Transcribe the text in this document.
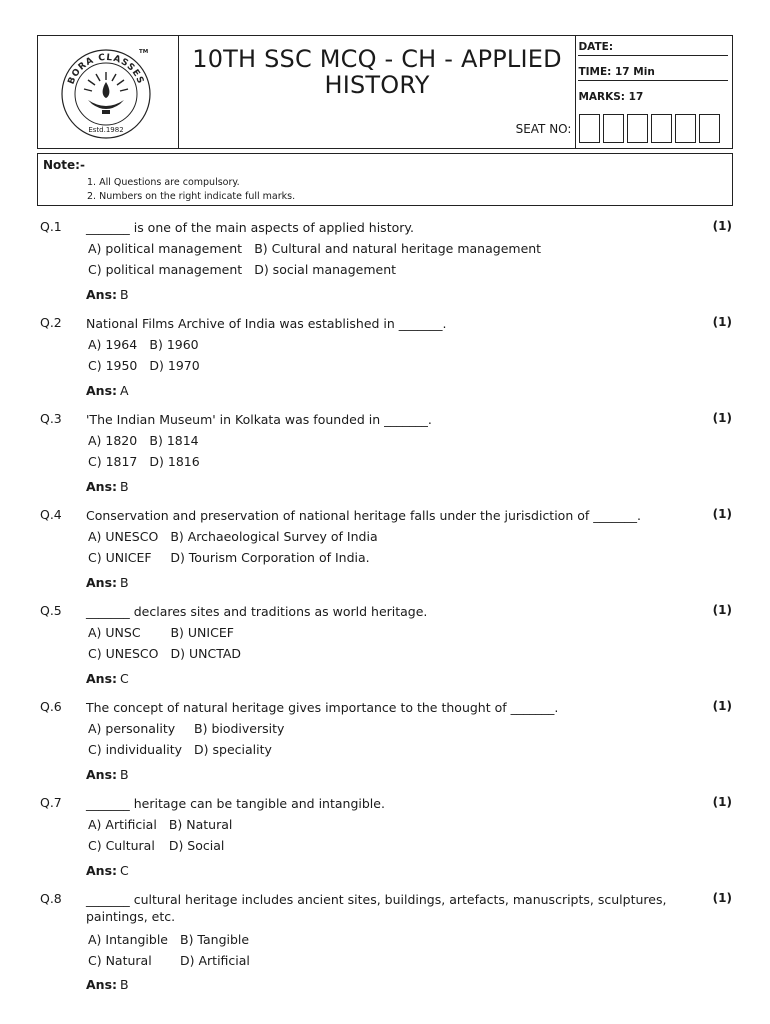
BORA CLASSES
TM
Estd.1982
10TH SSC MCQ - CH - APPLIED
HISTORY
SEAT NO:
DATE:
TIME: 17 Min
MARKS: 17
Note:-
1. All Questions are compulsory.
2. Numbers on the right indicate full marks.
Q.1 _______ is one of the main aspects of applied history.	(1)
A) political management	B) Cultural and natural heritage management
C) political management	D) social management
Ans: B
Q.2 National Films Archive of India was established in _______.	(1)
A) 1964	B) 1960
C) 1950	D) 1970
Ans: A
Q.3 'The Indian Museum' in Kolkata was founded in _______.	(1)
A) 1820	B) 1814
C) 1817	D) 1816
Ans: B
Q.4 Conservation and preservation of national heritage falls under the jurisdiction of _______.	(1)
A) UNESCO	B) Archaeological Survey of India
C) UNICEF	D) Tourism Corporation of India.
Ans: B
Q.5 _______ declares sites and traditions as world heritage.	(1)
A) UNSC	B) UNICEF
C) UNESCO	D) UNCTAD
Ans: C
Q.6 The concept of natural heritage gives importance to the thought of _______.	(1)
A) personality	B) biodiversity
C) individuality	D) speciality
Ans: B
Q.7 _______ heritage can be tangible and intangible.	(1)
A) Artificial	B) Natural
C) Cultural	D) Social
Ans: C
Q.8 _______ cultural heritage includes ancient sites, buildings, artefacts, manuscripts, sculptures, paintings, etc.
(1)
A) Intangible	B) Tangible
C) Natural	D) Artificial
Ans: B
